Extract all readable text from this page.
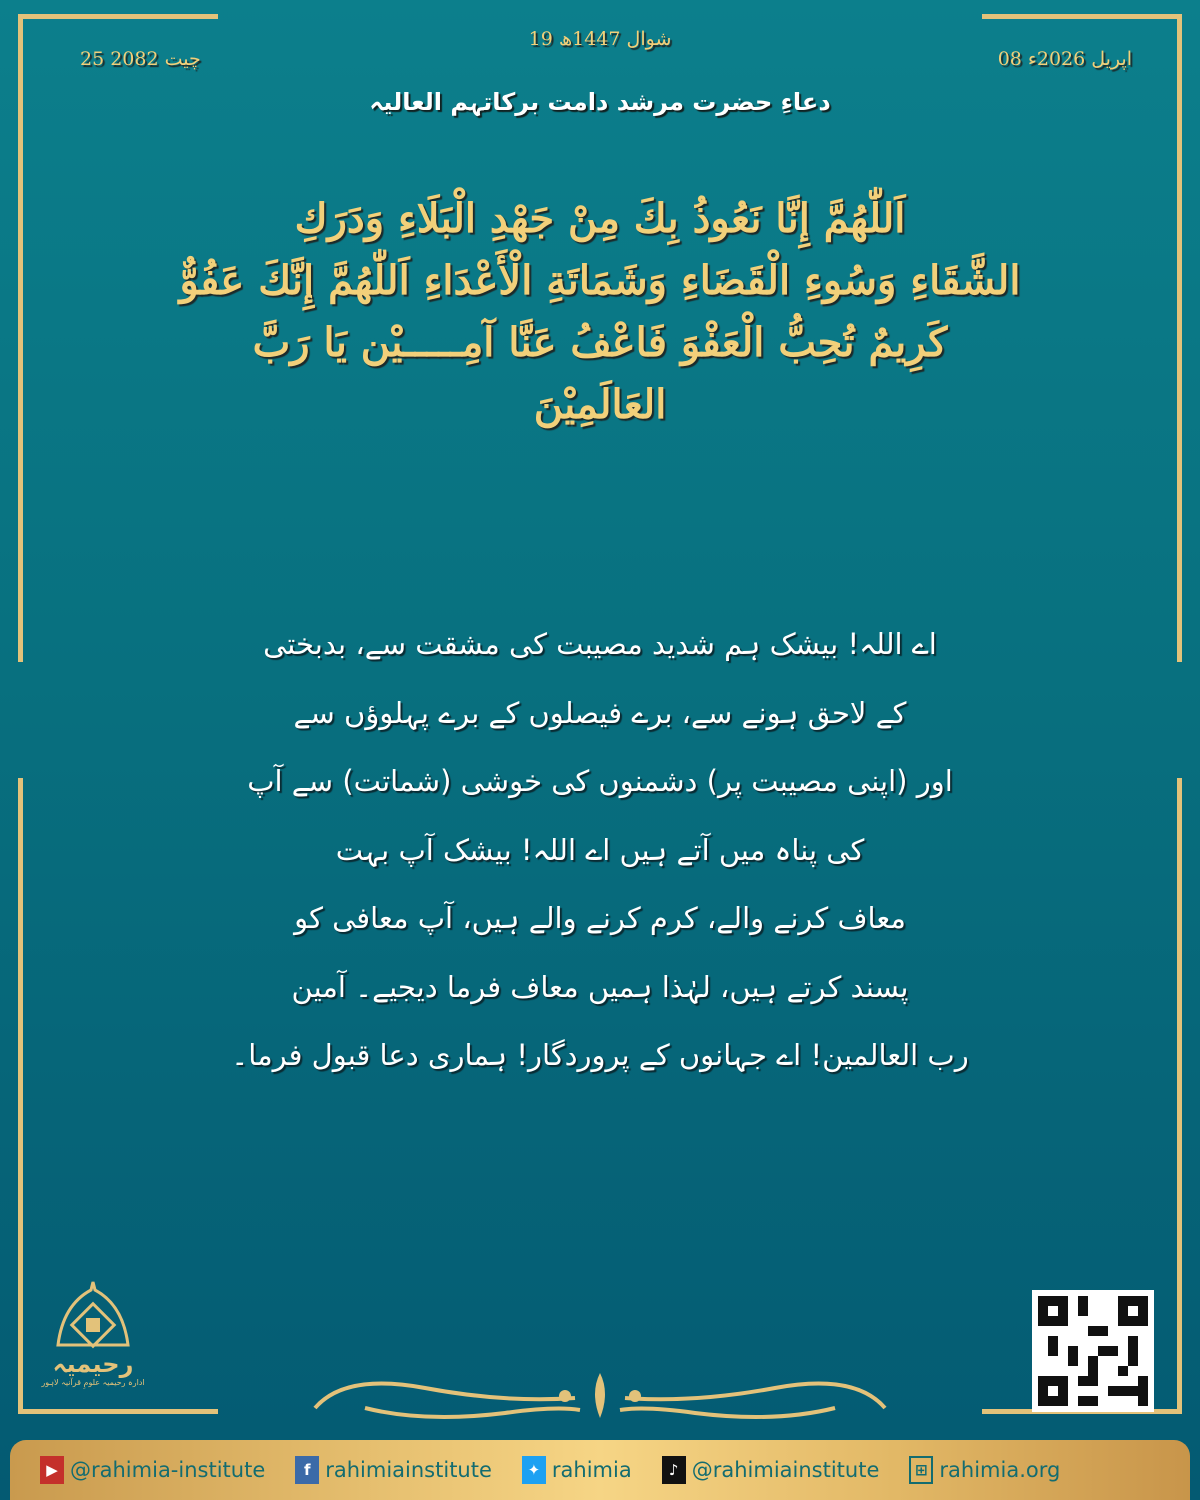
19 شوال 1447ھ
25 چیت 2082	08 اپریل 2026ء
دعاءِ حضرت مرشد دامت برکاتہم العالیہ
اَللّٰهُمَّ إِنَّا نَعُوذُ بِكَ مِنْ جَهْدِ الْبَلَاءِ وَدَرَكِ
الشَّقَاءِ وَسُوءِ الْقَضَاءِ وَشَمَاتَةِ الْأَعْدَاءِ اَللّٰهُمَّ إِنَّكَ عَفُوٌّ
كَرِيمٌ تُحِبُّ الْعَفْوَ فَاعْفُ عَنَّا آمِـــــيْن يَا رَبَّ
العَالَمِيْنَ
اے اللہ! بیشک ہم شدید مصیبت کی مشقت سے، بدبختی
کے لاحق ہونے سے، برے فیصلوں کے برے پہلوؤں سے
اور (اپنی مصیبت پر) دشمنوں کی خوشی (شماتت) سے آپ
کی پناہ میں آتے ہیں اے اللہ! بیشک آپ بہت
معاف کرنے والے، کرم کرنے والے ہیں، آپ معافی کو
پسند کرتے ہیں، لہٰذا ہمیں معاف فرما دیجیے۔ آمین
رب العالمین! اے جہانوں کے پروردگار! ہماری دعا قبول فرما۔
رحیمیہ
ادارہ رحیمیہ علومِ قرآنیہ لاہور
▶ @rahimia-institute	f rahimiainstitute	✦ rahimia	♪ @rahimiainstitute	⊞ rahimia.org
